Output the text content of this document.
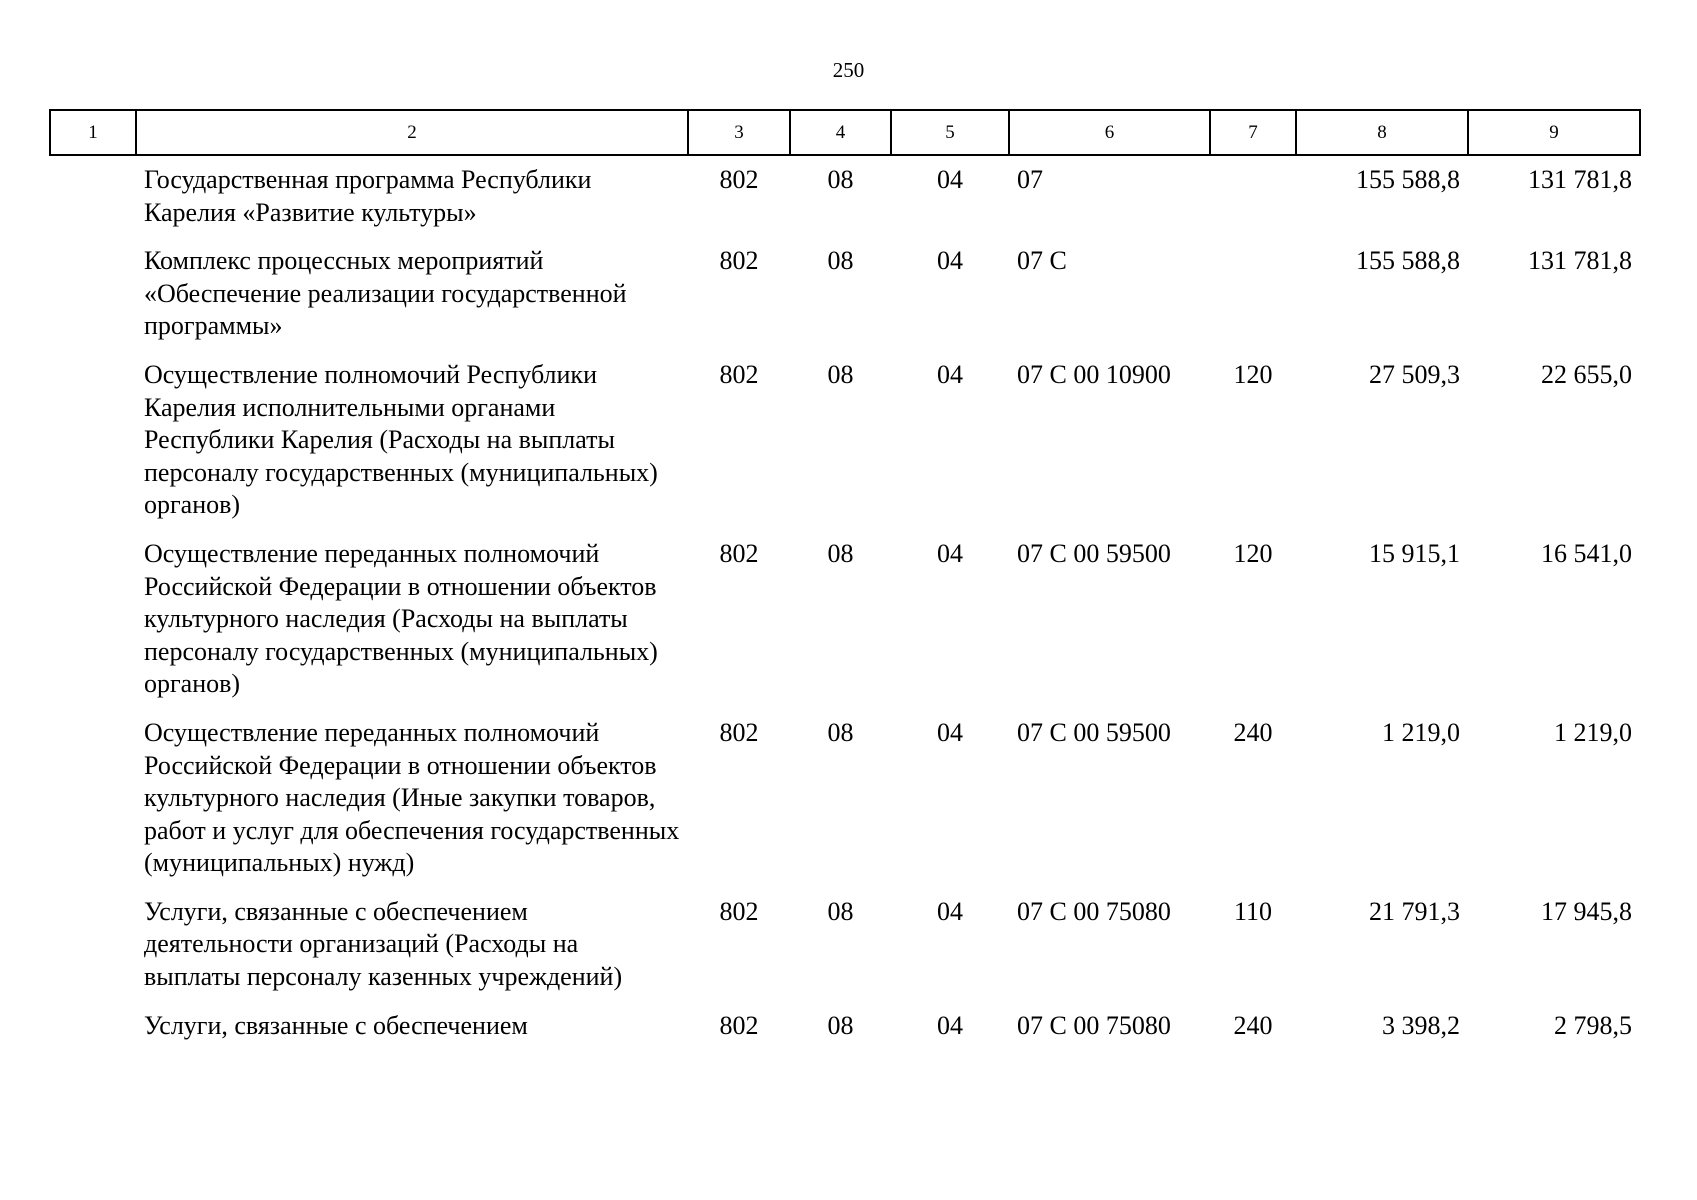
250
1	2	3	4	5	6	7	8	9
	Государственная программа Республики Карелия «Развитие культуры»	802	08	04	07		155 588,8	131 781,8
	Комплекс процессных мероприятий «Обеспечение реализации государственной программы»	802	08	04	07 С		155 588,8	131 781,8
	Осуществление полномочий Республики Карелия исполнительными органами Республики Карелия (Расходы на выплаты персоналу государственных (муниципальных) органов)	802	08	04	07 С 00 10900	120	27 509,3	22 655,0
	Осуществление переданных полномочий Российской Федерации в отношении объектов культурного наследия (Расходы на выплаты персоналу государственных (муниципальных) органов)	802	08	04	07 С 00 59500	120	15 915,1	16 541,0
	Осуществление переданных полномочий Российской Федерации в отношении объектов культурного наследия (Иные закупки товаров, работ и услуг для обеспечения государственных (муниципальных) нужд)	802	08	04	07 С 00 59500	240	1 219,0	1 219,0
	Услуги, связанные с обеспечением деятельности организаций (Расходы на выплаты персоналу казенных учреждений)	802	08	04	07 С 00 75080	110	21 791,3	17 945,8
	Услуги, связанные с обеспечением	802	08	04	07 С 00 75080	240	3 398,2	2 798,5
